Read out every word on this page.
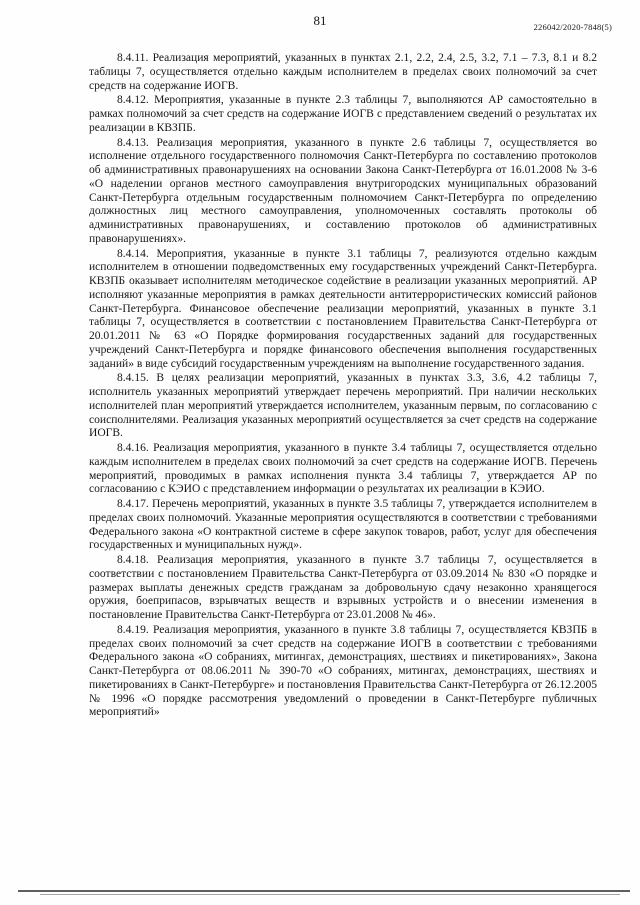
81	226042/2020-7848(5)

8.4.11. Реализация мероприятий, указанных в пунктах 2.1, 2.2, 2.4, 2.5, 3.2, 7.1 – 7.3, 8.1 и 8.2 таблицы 7, осуществляется отдельно каждым исполнителем в пределах своих полномочий за счет средств на содержание ИОГВ.

8.4.12. Мероприятия, указанные в пункте 2.3 таблицы 7, выполняются АР самостоятельно в рамках полномочий за счет средств на содержание ИОГВ с представлением сведений о результатах их реализации в КВЗПБ.

8.4.13. Реализация мероприятия, указанного в пункте 2.6 таблицы 7, осуществляется во исполнение отдельного государственного полномочия Санкт-Петербурга по составлению протоколов об административных правонарушениях на основании Закона Санкт-Петербурга от 16.01.2008 № 3-6 «О наделении органов местного самоуправления внутригородских муниципальных образований Санкт-Петербурга отдельным государственным полномочием Санкт-Петербурга по определению должностных лиц местного самоуправления, уполномоченных составлять протоколы об административных правонарушениях, и составлению протоколов об административных правонарушениях».

8.4.14. Мероприятия, указанные в пункте 3.1 таблицы 7, реализуются отдельно каждым исполнителем в отношении подведомственных ему государственных учреждений Санкт-Петербурга. КВЗПБ оказывает исполнителям методическое содействие в реализации указанных мероприятий. АР исполняют указанные мероприятия в рамках деятельности антитеррористических комиссий районов Санкт-Петербурга. Финансовое обеспечение реализации мероприятий, указанных в пункте 3.1 таблицы 7, осуществляется в соответствии с постановлением Правительства Санкт-Петербурга от 20.01.2011 № 63 «О Порядке формирования государственных заданий для государственных учреждений Санкт-Петербурга и порядке финансового обеспечения выполнения государственных заданий» в виде субсидий государственным учреждениям на выполнение государственного задания.

8.4.15. В целях реализации мероприятий, указанных в пунктах 3.3, 3.6, 4.2 таблицы 7, исполнитель указанных мероприятий утверждает перечень мероприятий. При наличии нескольких исполнителей план мероприятий утверждается исполнителем, указанным первым, по согласованию с соисполнителями. Реализация указанных мероприятий осуществляется за счет средств на содержание ИОГВ.

8.4.16. Реализация мероприятия, указанного в пункте 3.4 таблицы 7, осуществляется отдельно каждым исполнителем в пределах своих полномочий за счет средств на содержание ИОГВ. Перечень мероприятий, проводимых в рамках исполнения пункта 3.4 таблицы 7, утверждается АР по согласованию с КЭИО с представлением информации о результатах их реализации в КЭИО.

8.4.17. Перечень мероприятий, указанных в пункте 3.5 таблицы 7, утверждается исполнителем в пределах своих полномочий. Указанные мероприятия осуществляются в соответствии с требованиями Федерального закона «О контрактной системе в сфере закупок товаров, работ, услуг для обеспечения государственных и муниципальных нужд».

8.4.18. Реализация мероприятия, указанного в пункте 3.7 таблицы 7, осуществляется в соответствии с постановлением Правительства Санкт-Петербурга от 03.09.2014 № 830 «О порядке и размерах выплаты денежных средств гражданам за добровольную сдачу незаконно хранящегося оружия, боеприпасов, взрывчатых веществ и взрывных устройств и о внесении изменения в постановление Правительства Санкт-Петербурга от 23.01.2008 № 46».

8.4.19. Реализация мероприятия, указанного в пункте 3.8 таблицы 7, осуществляется КВЗПБ в пределах своих полномочий за счет средств на содержание ИОГВ в соответствии с требованиями Федерального закона «О собраниях, митингах, демонстрациях, шествиях и пикетированиях», Закона Санкт-Петербурга от 08.06.2011 № 390-70 «О собраниях, митингах, демонстрациях, шествиях и пикетированиях в Санкт-Петербурге» и постановления Правительства Санкт-Петербурга от 26.12.2005 № 1996 «О порядке рассмотрения уведомлений о проведении в Санкт-Петербурге публичных мероприятий»
